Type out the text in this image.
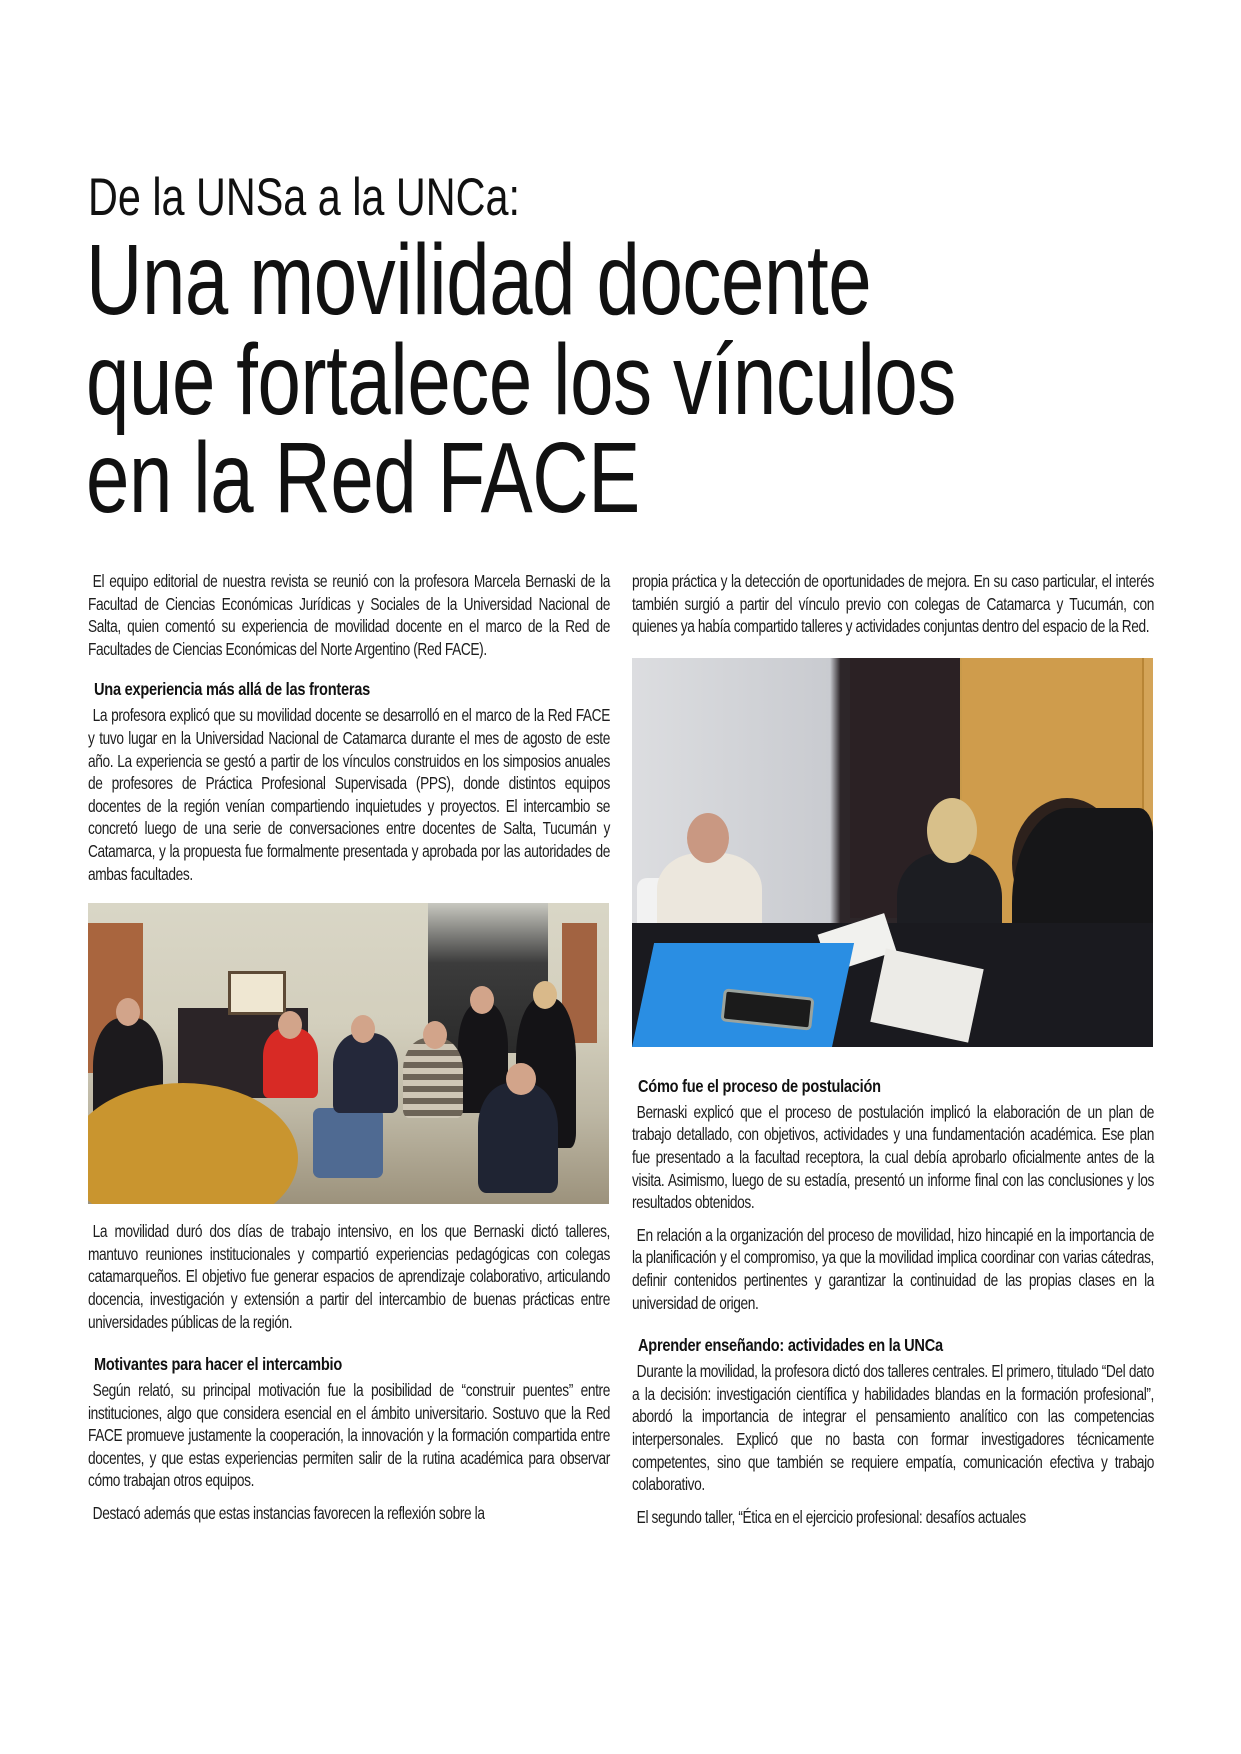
De la UNSa a la UNCa:
Una movilidad docente
que fortalece los vínculos
en la Red FACE

El equipo editorial de nuestra revista se reunió con la profesora Marcela Bernaski de la Facultad de Ciencias Económicas Jurídicas y Sociales de la Universidad Nacional de Salta, quien comentó su experiencia de movilidad docente en el marco de la Red de Facultades de Ciencias Económicas del Norte Argentino (Red FACE).

Una experiencia más allá de las fronteras

La profesora explicó que su movilidad docente se desarrolló en el marco de la Red FACE y tuvo lugar en la Universidad Nacional de Catamarca durante el mes de agosto de este año. La experiencia se gestó a partir de los vínculos construidos en los simposios anuales de profesores de Práctica Profesional Supervisada (PPS), donde distintos equipos docentes de la región venían compartiendo inquietudes y proyectos. El intercambio se concretó luego de una serie de conversaciones entre docentes de Salta, Tucumán y Catamarca, y la propuesta fue formalmente presentada y aprobada por las autoridades de ambas facultades.

La movilidad duró dos días de trabajo intensivo, en los que Bernaski dictó talleres, mantuvo reuniones institucionales y compartió experiencias pedagógicas con colegas catamarqueños. El objetivo fue generar espacios de aprendizaje colaborativo, articulando docencia, investigación y extensión a partir del intercambio de buenas prácticas entre universidades públicas de la región.

Motivantes para hacer el intercambio

Según relató, su principal motivación fue la posibilidad de “construir puentes” entre instituciones, algo que considera esencial en el ámbito universitario. Sostuvo que la Red FACE promueve justamente la cooperación, la innovación y la formación compartida entre docentes, y que estas experiencias permiten salir de la rutina académica para observar cómo trabajan otros equipos.

Destacó además que estas instancias favorecen la reflexión sobre la

propia práctica y la detección de oportunidades de mejora. En su caso particular, el interés también surgió a partir del vínculo previo con colegas de Catamarca y Tucumán, con quienes ya había compartido talleres y actividades conjuntas dentro del espacio de la Red.

Cómo fue el proceso de postulación

Bernaski explicó que el proceso de postulación implicó la elaboración de un plan de trabajo detallado, con objetivos, actividades y una fundamentación académica. Ese plan fue presentado a la facultad receptora, la cual debía aprobarlo oficialmente antes de la visita. Asimismo, luego de su estadía, presentó un informe final con las conclusiones y los resultados obtenidos.

En relación a la organización del proceso de movilidad, hizo hincapié en la importancia de la planificación y el compromiso, ya que la movilidad implica coordinar con varias cátedras, definir contenidos pertinentes y garantizar la continuidad de las propias clases en la universidad de origen.

Aprender enseñando: actividades en la UNCa

Durante la movilidad, la profesora dictó dos talleres centrales. El primero, titulado “Del dato a la decisión: investigación científica y habilidades blandas en la formación profesional”, abordó la importancia de integrar el pensamiento analítico con las competencias interpersonales. Explicó que no basta con formar investigadores técnicamente competentes, sino que también se requiere empatía, comunicación efectiva y trabajo colaborativo.

El segundo taller, “Ética en el ejercicio profesional: desafíos actuales
